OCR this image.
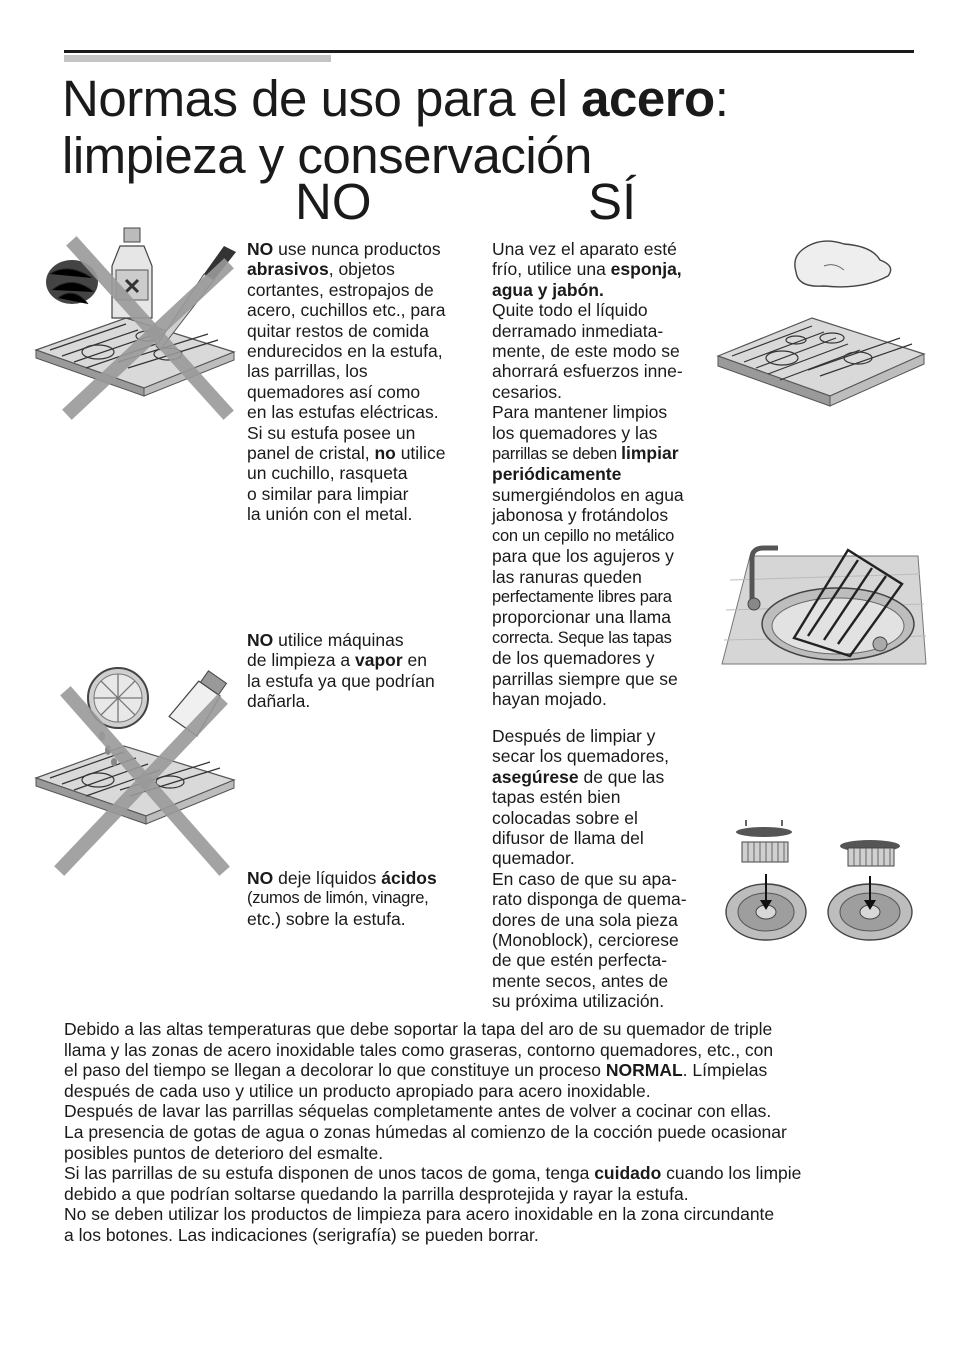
Normas de uso para el acero:
limpieza y conservación
NO	SÍ
NO use nunca productos
abrasivos, objetos
cortantes, estropajos de
acero, cuchillos etc., para
quitar restos de comida
endurecidos en la estufa,
las parrillas, los
quemadores así como
en las estufas eléctricas.
Si su estufa posee un
panel de cristal, no utilice
un cuchillo, rasqueta
o similar para limpiar
la unión con el metal.
NO utilice máquinas
de limpieza a vapor en
la estufa ya que podrían
dañarla.
NO deje líquidos ácidos
(zumos de limón, vinagre,
etc.) sobre la estufa.
Una vez el aparato esté
frío, utilice una esponja,
agua y jabón.
Quite todo el líquido
derramado inmediata-
mente, de este modo se
ahorrará esfuerzos inne-
cesarios.
Para mantener limpios
los quemadores y las
parrillas se deben limpiar
periódicamente
sumergiéndolos en agua
jabonosa y frotándolos
con un cepillo no metálico
para que los agujeros y
las ranuras queden
perfectamente libres para
proporcionar una llama
correcta. Seque las tapas
de los quemadores y
parrillas siempre que se
hayan mojado.
Después de limpiar y
secar los quemadores,
asegúrese de que las
tapas estén bien
colocadas sobre el
difusor de llama del
quemador.
En caso de que su apa-
rato disponga de quema-
dores de una sola pieza
(Monoblock), cerciorese
de que estén perfecta-
mente secos, antes de
su próxima utilización.
Debido a las altas temperaturas que debe soportar la tapa del aro de su quemador de triple
llama y las zonas de acero inoxidable tales como graseras, contorno quemadores, etc., con
el paso del tiempo se llegan a decolorar lo que constituye un proceso NORMAL. Límpielas
después de cada uso y utilice un producto apropiado para acero inoxidable.
Después de lavar las parrillas séquelas completamente antes de volver a cocinar con ellas.
La presencia de gotas de agua o zonas húmedas al comienzo de la cocción puede ocasionar
posibles puntos de deterioro del esmalte.
Si las parrillas de su estufa disponen de unos tacos de goma, tenga cuidado cuando los limpie
debido a que podrían soltarse quedando la parrilla desprotejida y rayar la estufa.
No se deben utilizar los productos de limpieza para acero inoxidable en la zona circundante
a los botones. Las indicaciones (serigrafía) se pueden borrar.
